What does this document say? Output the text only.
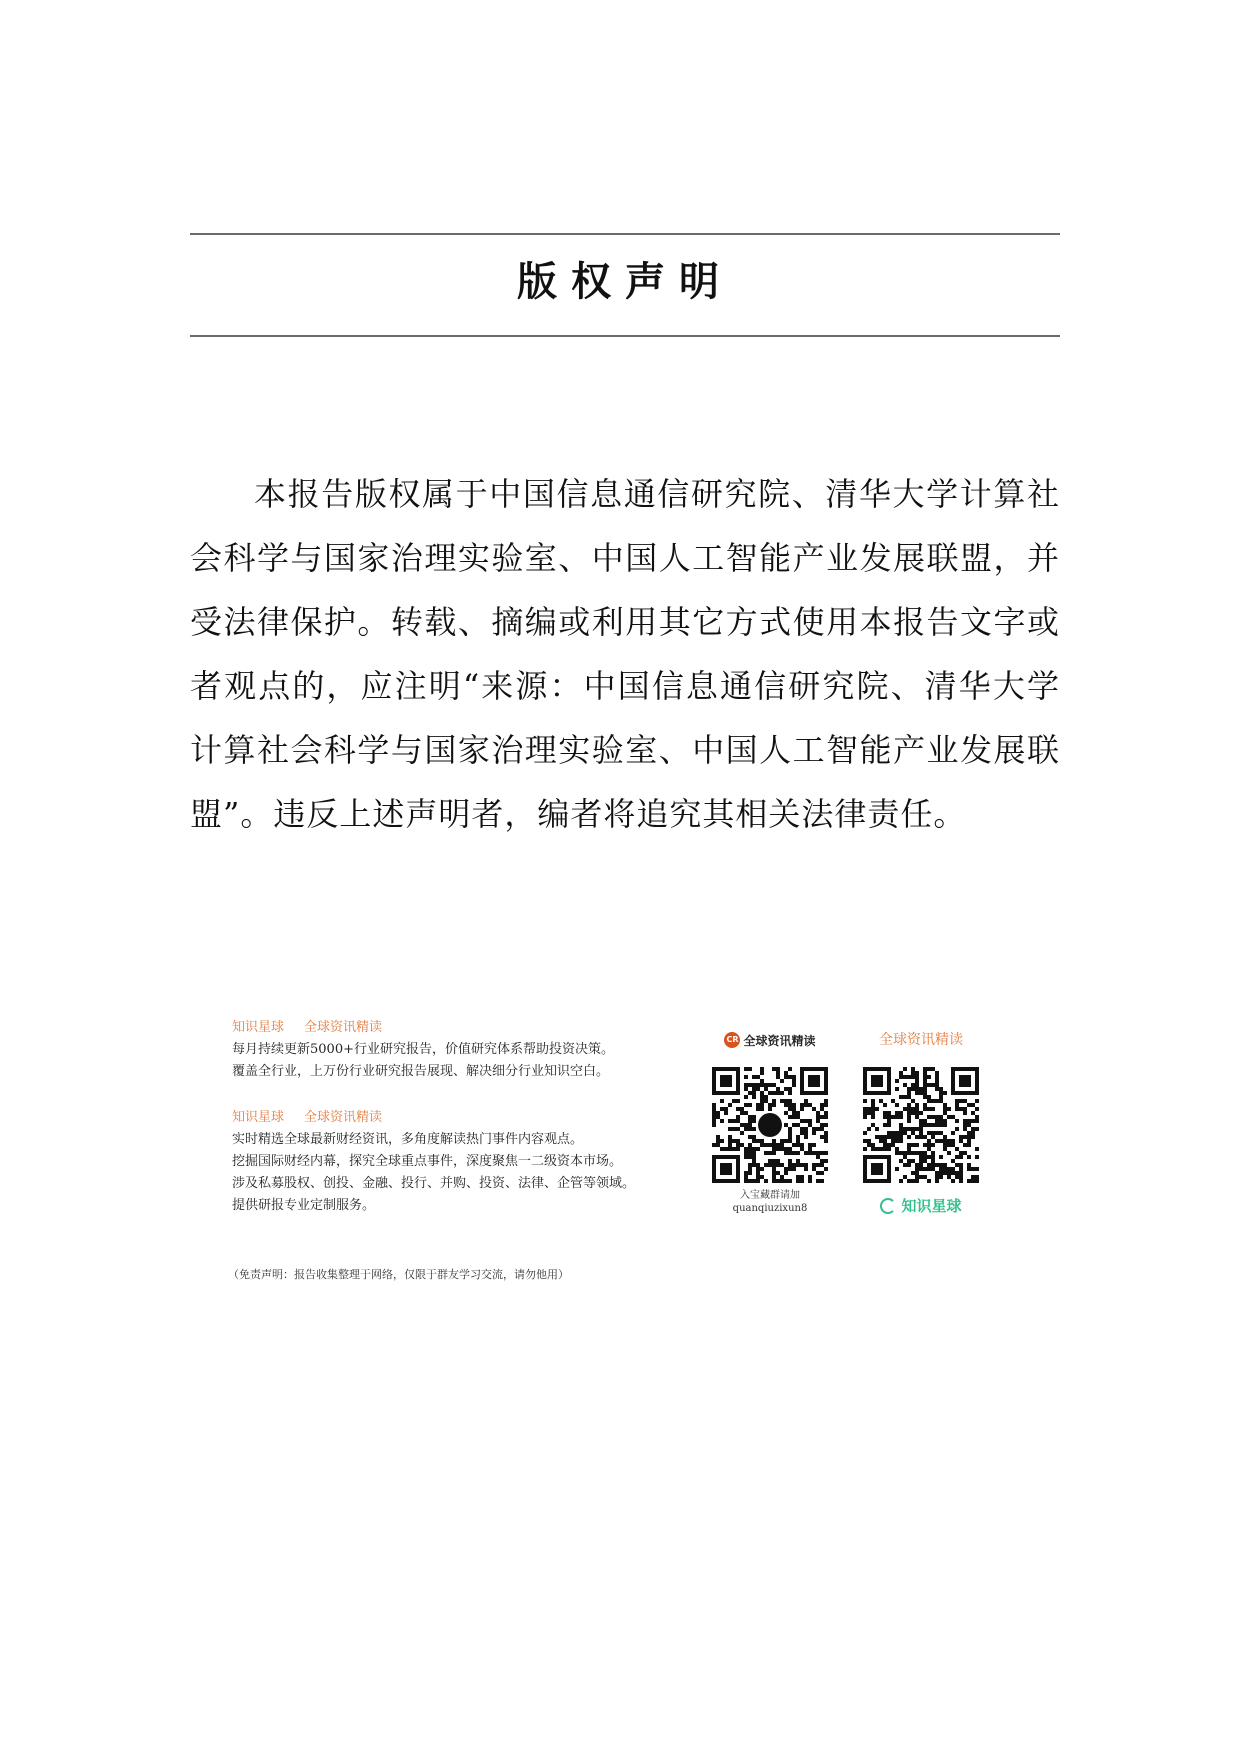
版权声明

本报告版权属于中国信息通信研究院、清华大学计算社会科学与国家治理实验室、中国人工智能产业发展联盟，并受法律保护。转载、摘编或利用其它方式使用本报告文字或者观点的，应注明“来源：中国信息通信研究院、清华大学计算社会科学与国家治理实验室、中国人工智能产业发展联盟”。违反上述声明者，编者将追究其相关法律责任。

知识星球 全球资讯精读
每月持续更新5000+行业研究报告，价值研究体系帮助投资决策。
覆盖全行业，上万份行业研究报告展现、解决细分行业知识空白。
知识星球 全球资讯精读
实时精选全球最新财经资讯，多角度解读热门事件内容观点。
挖掘国际财经内幕，探究全球重点事件，深度聚焦一二级资本市场。
涉及私募股权、创投、金融、投行、并购、投资、法律、企管等领域。
提供研报专业定制服务。
CR 全球资讯精读
入宝藏群请加
quanqiuzixun8
全球资讯精读
知识星球
（免责声明：报告收集整理于网络，仅限于群友学习交流，请勿他用）
